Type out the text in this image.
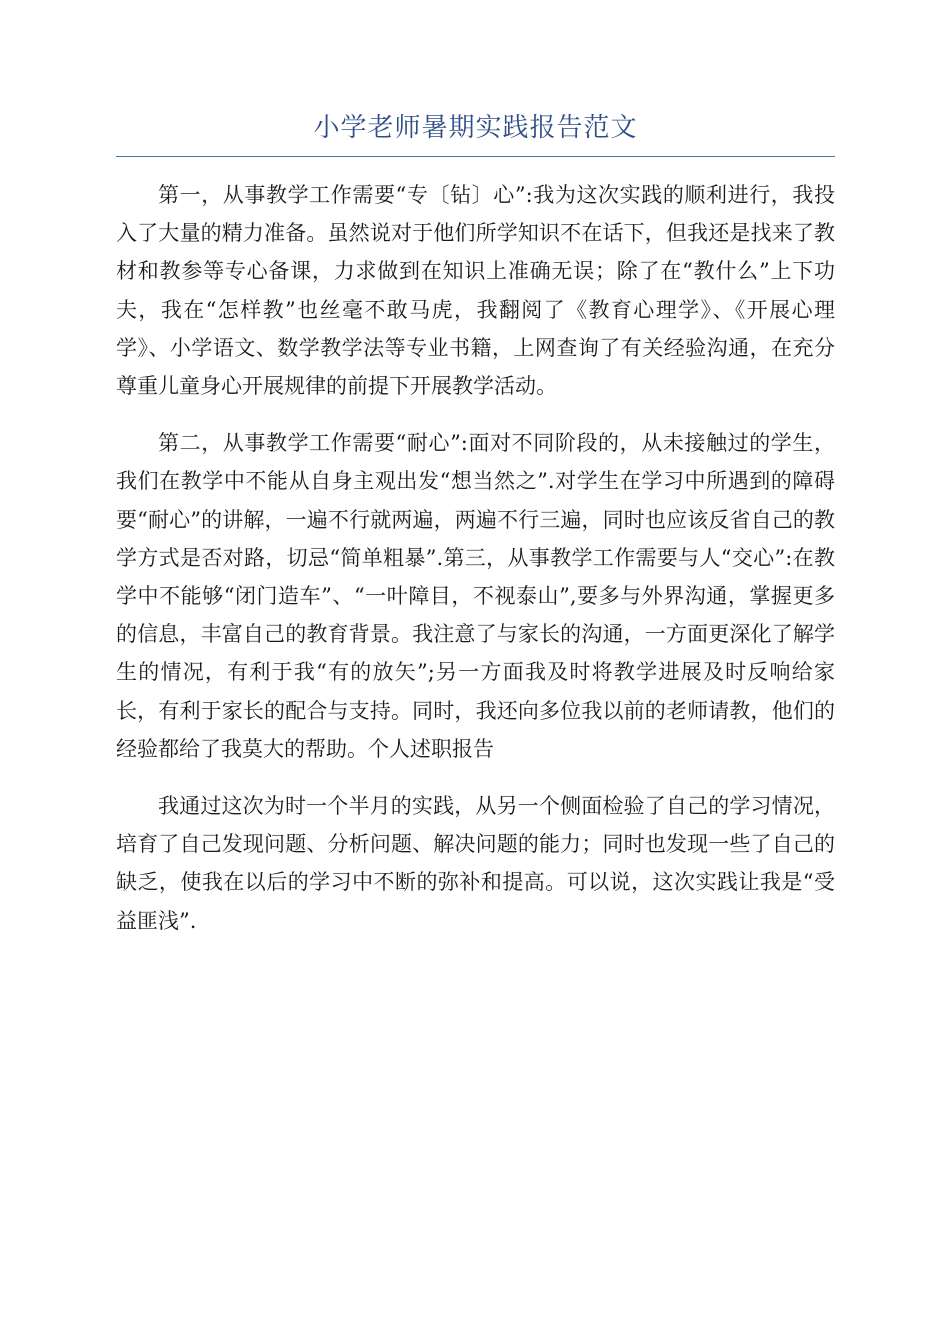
小学老师暑期实践报告范文

第一，从事教学工作需要“专〔钻〕心”:我为这次实践的顺利进行，我投入了大量的精力准备。虽然说对于他们所学知识不在话下，但我还是找来了教材和教参等专心备课，力求做到在知识上准确无误；除了在“教什么”上下功夫，我在“怎样教”也丝毫不敢马虎，我翻阅了《教育心理学》、《开展心理学》、小学语文、数学教学法等专业书籍，上网查询了有关经验沟通，在充分尊重儿童身心开展规律的前提下开展教学活动。

第二，从事教学工作需要“耐心”:面对不同阶段的，从未接触过的学生，我们在教学中不能从自身主观出发“想当然之”.对学生在学习中所遇到的障碍要“耐心”的讲解，一遍不行就两遍，两遍不行三遍，同时也应该反省自己的教学方式是否对路，切忌“简单粗暴”.第三，从事教学工作需要与人“交心”:在教学中不能够“闭门造车”、“一叶障目，不视泰山”,要多与外界沟通，掌握更多的信息，丰富自己的教育背景。我注意了与家长的沟通，一方面更深化了解学生的情况，有利于我“有的放矢”;另一方面我及时将教学进展及时反响给家长，有利于家长的配合与支持。同时，我还向多位我以前的老师请教，他们的经验都给了我莫大的帮助。个人述职报告

我通过这次为时一个半月的实践，从另一个侧面检验了自己的学习情况，培育了自己发现问题、分析问题、解决问题的能力；同时也发现一些了自己的缺乏，使我在以后的学习中不断的弥补和提高。可以说，这次实践让我是“受益匪浅”.
